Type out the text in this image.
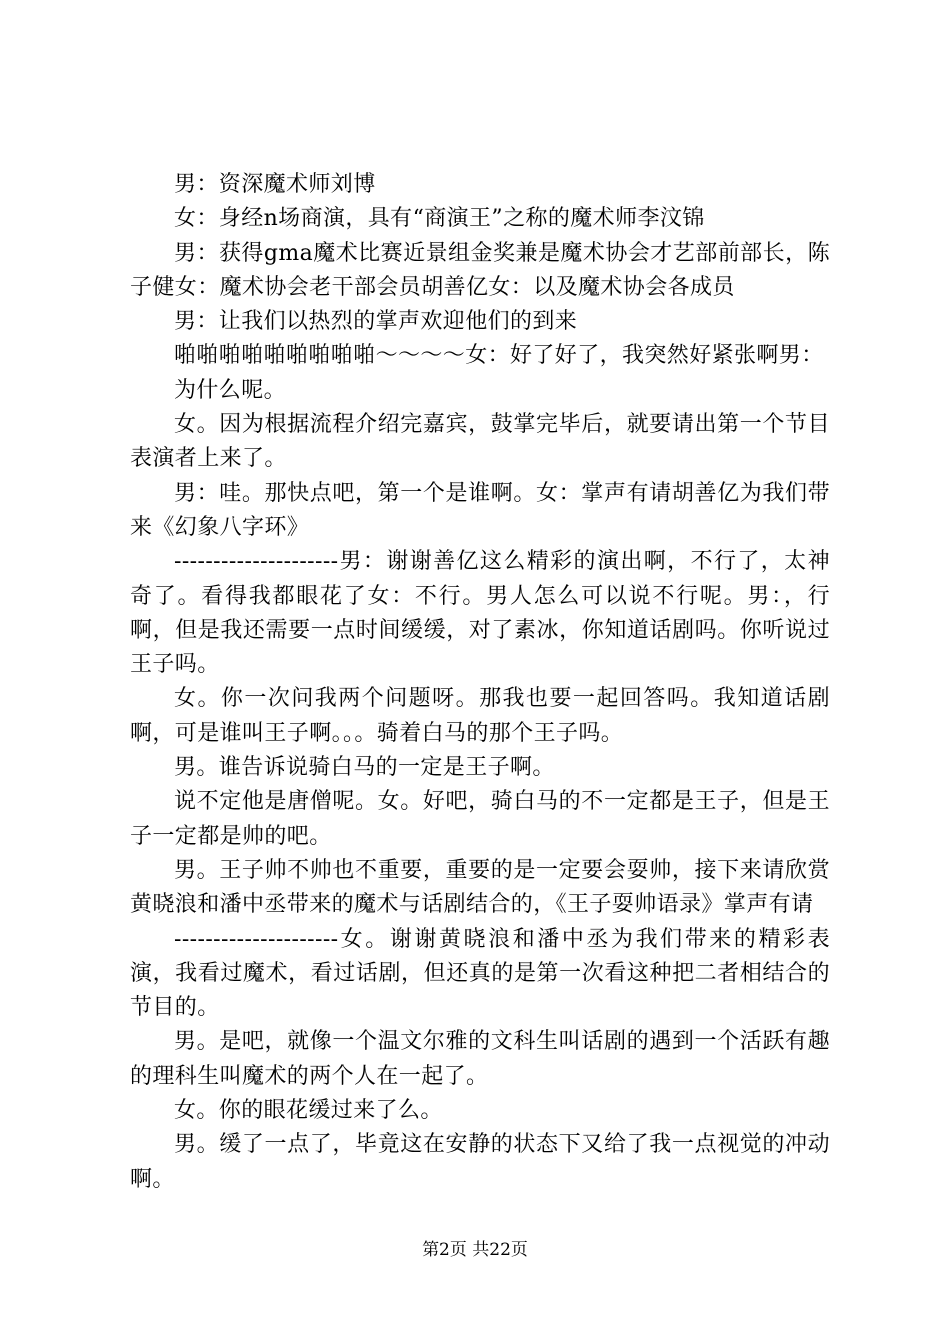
男：资深魔术师刘博

女：身经n场商演，具有“商演王”之称的魔术师李汶锦

男：获得gma魔术比赛近景组金奖兼是魔术协会才艺部前部长，陈子健女：魔术协会老干部会员胡善亿女：以及魔术协会各成员

男：让我们以热烈的掌声欢迎他们的到来

啪啪啪啪啪啪啪啪啪～～～～女：好了好了，我突然好紧张啊男：

为什么呢。

女。因为根据流程介绍完嘉宾，鼓掌完毕后，就要请出第一个节目表演者上来了。

男：哇。那快点吧，第一个是谁啊。女：掌声有请胡善亿为我们带来《幻象八字环》

---------------------男：谢谢善亿这么精彩的演出啊，不行了，太神奇了。看得我都眼花了女：不行。男人怎么可以说不行呢。男：，行啊，但是我还需要一点时间缓缓，对了素冰，你知道话剧吗。你听说过王子吗。

女。你一次问我两个问题呀。那我也要一起回答吗。我知道话剧啊，可是谁叫王子啊。。。骑着白马的那个王子吗。

男。谁告诉说骑白马的一定是王子啊。

说不定他是唐僧呢。女。好吧，骑白马的不一定都是王子，但是王子一定都是帅的吧。

男。王子帅不帅也不重要，重要的是一定要会耍帅，接下来请欣赏黄晓浪和潘中丞带来的魔术与话剧结合的，《王子耍帅语录》掌声有请

---------------------女。谢谢黄晓浪和潘中丞为我们带来的精彩表演，我看过魔术，看过话剧，但还真的是第一次看这种把二者相结合的节目的。

男。是吧，就像一个温文尔雅的文科生叫话剧的遇到一个活跃有趣的理科生叫魔术的两个人在一起了。

女。你的眼花缓过来了么。

男。缓了一点了，毕竟这在安静的状态下又给了我一点视觉的冲动啊。

第2页 共22页
